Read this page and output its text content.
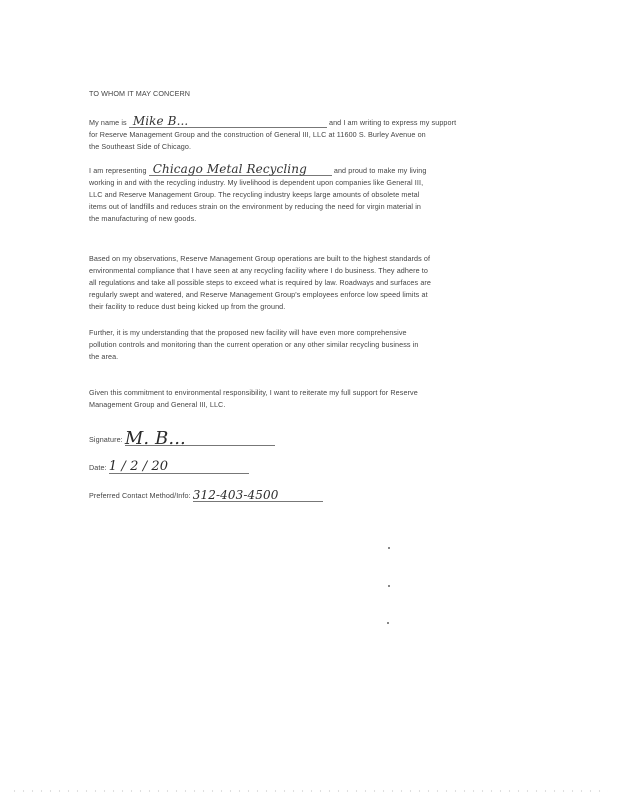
TO WHOM IT MAY CONCERN
My name is Mike B...	and I am writing to express my support
for Reserve Management Group and the construction of General III, LLC at 11600 S. Burley Avenue on
the Southeast Side of Chicago.
I am representing Chicago Metal Recycling	and proud to make my living
working in and with the recycling industry. My livelihood is dependent upon companies like General III,
LLC and Reserve Management Group. The recycling industry keeps large amounts of obsolete metal
items out of landfills and reduces strain on the environment by reducing the need for virgin material in
the manufacturing of new goods.
Based on my observations, Reserve Management Group operations are built to the highest standards of
environmental compliance that I have seen at any recycling facility where I do business. They adhere to
all regulations and take all possible steps to exceed what is required by law. Roadways and surfaces are
regularly swept and watered, and Reserve Management Group's employees enforce low speed limits at
their facility to reduce dust being kicked up from the ground.
Further, it is my understanding that the proposed new facility will have even more comprehensive
pollution controls and monitoring than the current operation or any other similar recycling business in
the area.
Given this commitment to environmental responsibility, I want to reiterate my full support for Reserve
Management Group and General III, LLC.
Signature: M. B...
Date: 1 / 2 / 20
Preferred Contact Method/Info: 312-403-4500
